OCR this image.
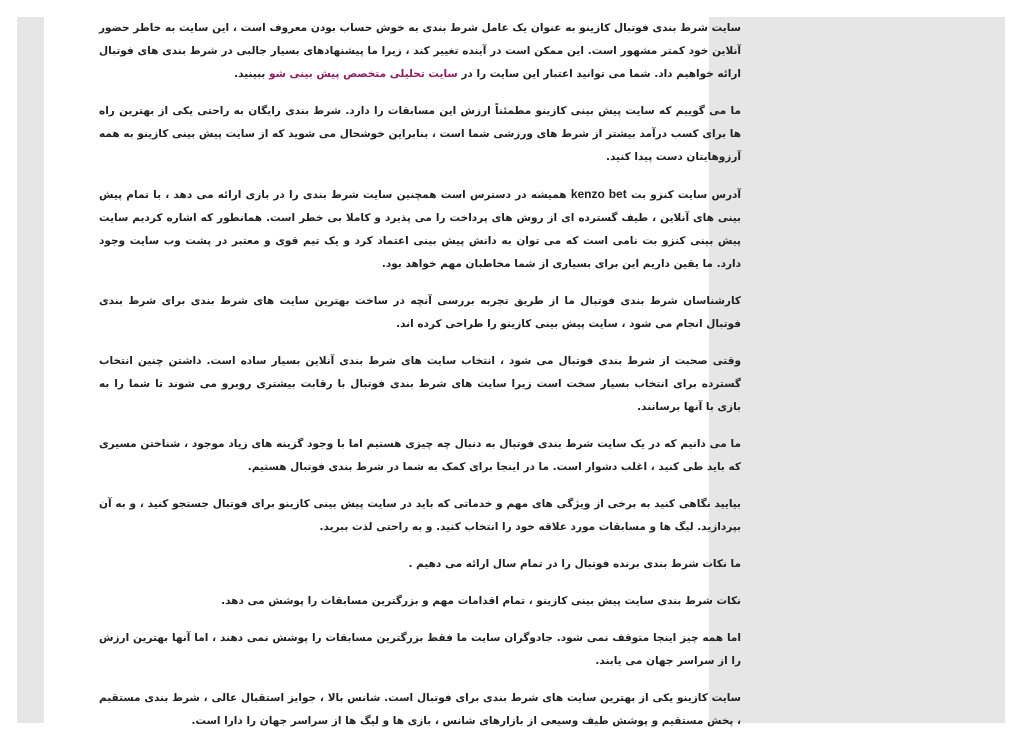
سایت شرط بندی فوتبال کازینو به عنوان یک عامل شرط بندی به خوش حساب بودن معروف است ، این سایت به خاطر حضور آنلاین خود کمتر مشهور است. این ممکن است در آینده تغییر کند ، زیرا ما پیشنهادهای بسیار جالبی در شرط بندی های فوتبال ارائه خواهیم داد. شما می توانید اعتبار این سایت را در سایت تحلیلی متخصص پیش بینی شو ببینید.

ما می گوییم که سایت پیش بینی کازینو مطمئناً ارزش این مسابقات را دارد. شرط بندی رایگان به راحتی یکی از بهترین راه ها برای کسب درآمد بیشتر از شرط های ورزشی شما است ، بنابراین خوشحال می شوید که از سایت پیش بینی کازینو به همه آرزوهایتان دست پیدا کنید.

آدرس سایت کنزو بت kenzo bet همیشه در دسترس است همچنین سایت شرط بندی را در بازی ارائه می دهد ، با تمام پیش بینی های آنلاین ، طیف گسترده ای از روش های پرداخت را می پذیرد و کاملا بی خطر است. همانطور که اشاره کردیم سایت پیش بینی کنزو بت نامی است که می توان به دانش پیش بینی اعتماد کرد و یک تیم قوی و معتبر در پشت وب سایت وجود دارد. ما یقین داریم این برای بسیاری از شما مخاطبان مهم خواهد بود.

کارشناسان شرط بندی فوتبال ما از طریق تجربه بررسی آنچه در ساخت بهترین سایت های شرط بندی برای شرط بندی فوتبال انجام می شود ، سایت پیش بینی کازینو را طراحی کرده اند.

وقتی صحبت از شرط بندی فوتبال می شود ، انتخاب سایت های شرط بندی آنلاین بسیار ساده است. داشتن چنین انتخاب گسترده برای انتخاب بسیار سخت است زیرا سایت های شرط بندی فوتبال با رقابت بیشتری روبرو می شوند تا شما را به بازی با آنها برسانند.

ما می دانیم که در یک سایت شرط بندی فوتبال به دنبال چه چیزی هستیم اما با وجود گزینه های زیاد موجود ، شناختن مسیری که باید طی کنید ، اغلب دشوار است. ما در اینجا برای کمک به شما در شرط بندی فوتبال هستیم.

بیایید نگاهی کنید به برخی از ویژگی های مهم و خدماتی که باید در سایت پیش بینی کازینو برای فوتبال جستجو کنید ، و به آن بپردازید. لیگ ها و مسابقات مورد علاقه خود را انتخاب کنید. و به راحتی لذت ببرید.

ما نکات شرط بندی برنده فوتبال را در تمام سال ارائه می دهیم .

نکات شرط بندی سایت پیش بینی کازینو ، تمام اقدامات مهم و بزرگترین مسابقات را پوشش می دهد.

اما همه چیز اینجا متوقف نمی شود. جادوگران سایت ما فقط بزرگترین مسابقات را پوشش نمی دهند ، اما آنها بهترین ارزش را از سراسر جهان می یابند.

سایت کازینو یکی از بهترین سایت های شرط بندی برای فوتبال است. شانس بالا ، جوایز استقبال عالی ، شرط بندی مستقیم ، پخش مستقیم و پوشش طیف وسیعی از بازارهای شانس ، بازی ها و لیگ ها از سراسر جهان را دارا است.
